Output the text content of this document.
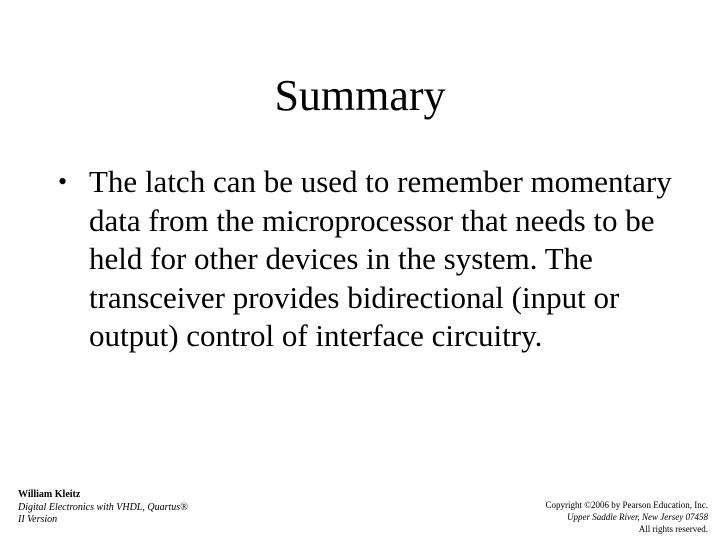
Summary
• The latch can be used to remember momentary data from the microprocessor that needs to be held for other devices in the system. The transceiver provides bidirectional (input or output) control of interface circuitry.
William Kleitz
Digital Electronics with VHDL, Quartus®
II Version
Copyright ©2006 by Pearson Education, Inc.
Upper Saddle River, New Jersey 07458
All rights reserved.
